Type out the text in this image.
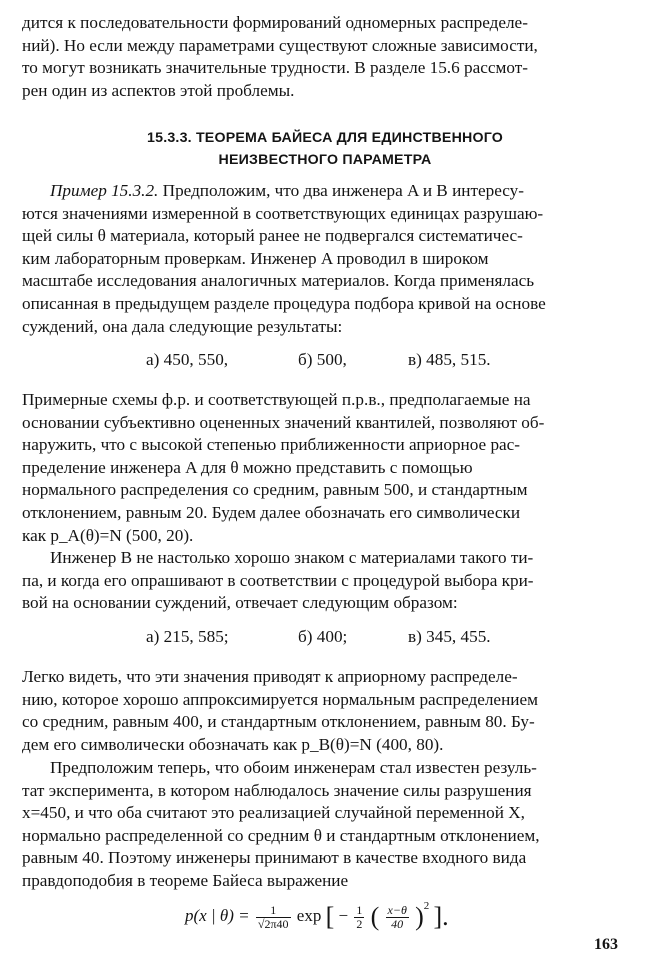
дится к последовательности формирований одномерных распределе-
ний). Но если между параметрами существуют сложные зависимости,
то могут возникать значительные трудности. В разделе 15.6 рассмот-
рен один из аспектов этой проблемы.

15.3.3. ТЕОРЕМА БАЙЕСА ДЛЯ ЕДИНСТВЕННОГО
НЕИЗВЕСТНОГО ПАРАМЕТРА

Пример 15.3.2. Предположим, что два инженера A и B интересу-
ются значениями измеренной в соответствующих единицах разрушаю-
щей силы θ материала, который ранее не подвергался систематичес-
ким лабораторным проверкам. Инженер A проводил в широком
масштабе исследования аналогичных материалов. Когда применялась
описанная в предыдущем разделе процедура подбора кривой на основе
суждений, она дала следующие результаты:

а) 450, 550,	б) 500,	в) 485, 515.

Примерные схемы ф.р. и соответствующей п.р.в., предполагаемые на
основании субъективно оцененных значений квантилей, позволяют об-
наружить, что с высокой степенью приближенности априорное рас-
пределение инженера A для θ можно представить с помощью
нормального распределения со средним, равным 500, и стандартным
отклонением, равным 20. Будем далее обозначать его символически
как p_A(θ)=N (500, 20).

Инженер B не настолько хорошо знаком с материалами такого ти-
па, и когда его опрашивают в соответствии с процедурой выбора кри-
вой на основании суждений, отвечает следующим образом:

а) 215, 585;	б) 400;	в) 345, 455.

Легко видеть, что эти значения приводят к априорному распределе-
нию, которое хорошо аппроксимируется нормальным распределением
со средним, равным 400, и стандартным отклонением, равным 80. Бу-
дем его символически обозначать как p_B(θ)=N (400, 80).

Предположим теперь, что обоим инженерам стал известен резуль-
тат эксперимента, в котором наблюдалось значение силы разрушения
x=450, и что оба считают это реализацией случайной переменной X,
нормально распределенной со средним θ и стандартным отклонением,
равным 40. Поэтому инженеры принимают в качестве входного вида
правдоподобия в теореме Байеса выражение

p(x | $\theta) = \frac{1}{√2\pi 40}$ exp [ − $\frac{1}{2}$ ( $\frac{x-\theta}{40} )^2$ ].
163
